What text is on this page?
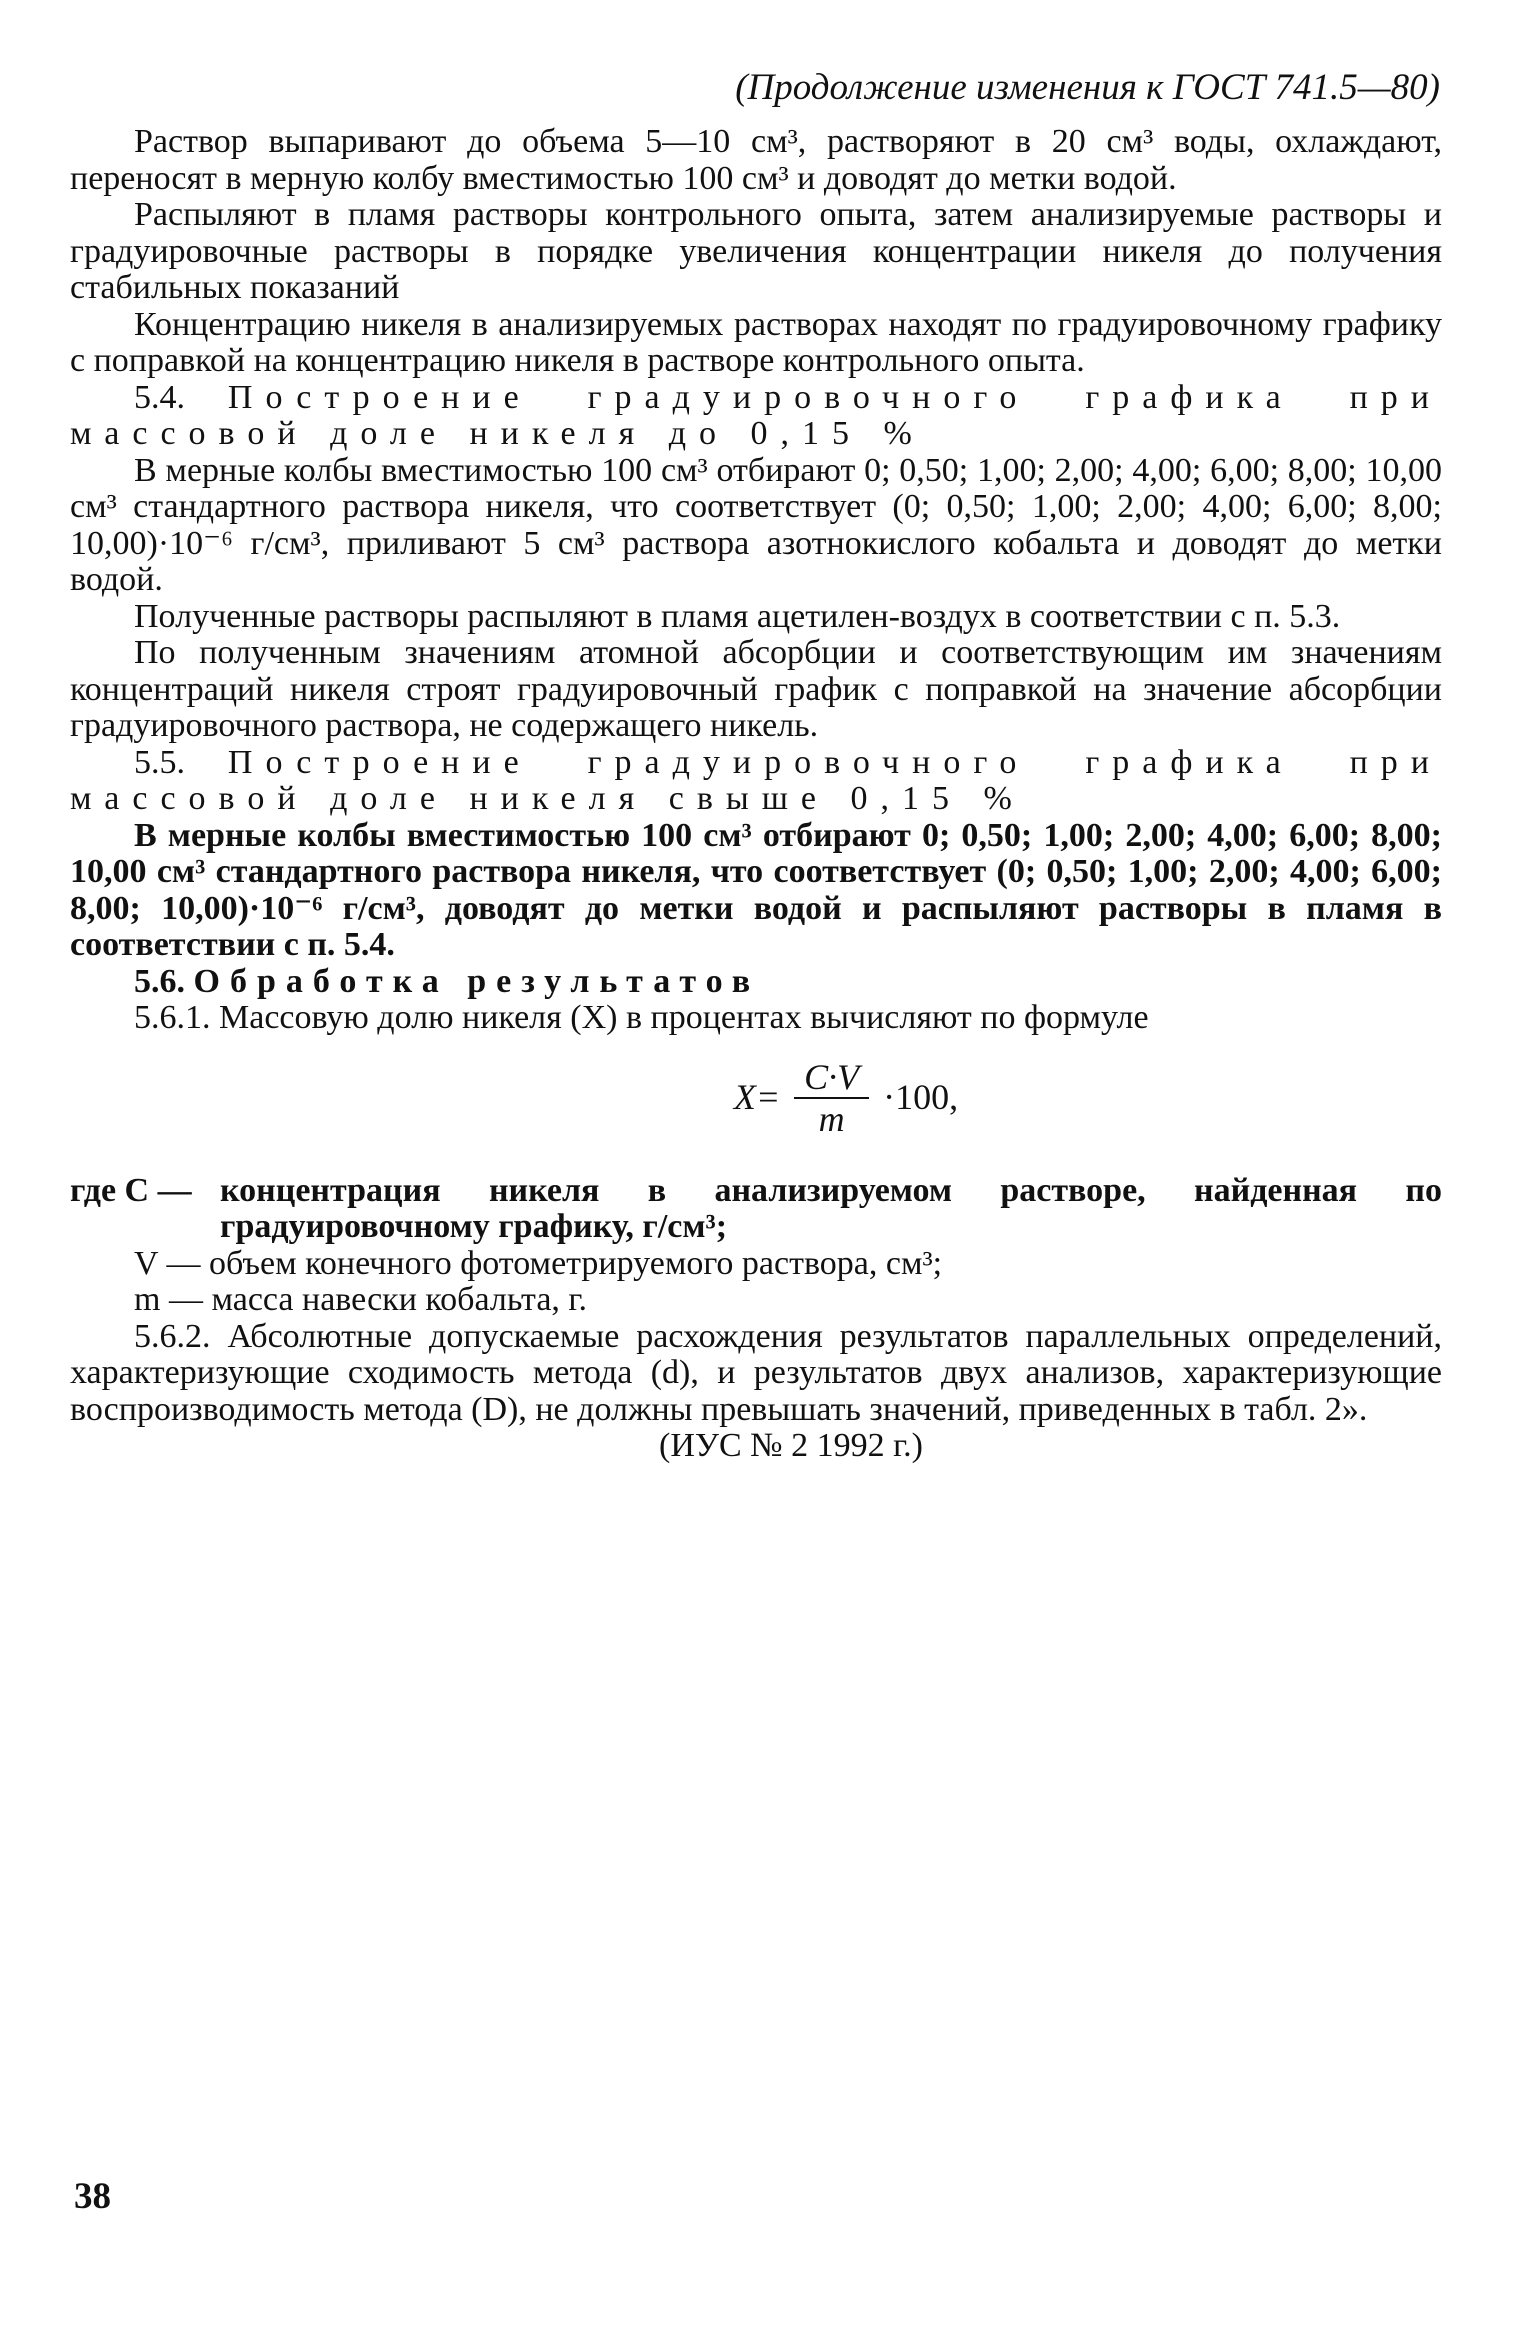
(Продолжение изменения к ГОСТ 741.5—80)

Раствор выпаривают до объема 5—10 см³, растворяют в 20 см³ воды, охлаждают, переносят в мерную колбу вместимостью 100 см³ и доводят до метки водой.

Распыляют в пламя растворы контрольного опыта, затем анализируемые растворы и градуировочные растворы в порядке увеличения концентрации никеля до получения стабильных показаний

Концентрацию никеля в анализируемых растворах находят по градуировочному графику с поправкой на концентрацию никеля в растворе контрольного опыта.

5.4. Построение градуировочного графика при массовой доле никеля до 0,15 %

В мерные колбы вместимостью 100 см³ отбирают 0; 0,50; 1,00; 2,00; 4,00; 6,00; 8,00; 10,00 см³ стандартного раствора никеля, что соответствует (0; 0,50; 1,00; 2,00; 4,00; 6,00; 8,00; 10,00)·10⁻⁶ г/см³, приливают 5 см³ раствора азотнокислого кобальта и доводят до метки водой.

Полученные растворы распыляют в пламя ацетилен-воздух в соответствии с п. 5.3.

По полученным значениям атомной абсорбции и соответствующим им значениям концентраций никеля строят градуировочный график с поправкой на значение абсорбции градуировочного раствора, не содержащего никель.

5.5. Построение градуировочного графика при массовой доле никеля свыше 0,15 %

В мерные колбы вместимостью 100 см³ отбирают 0; 0,50; 1,00; 2,00; 4,00; 6,00; 8,00; 10,00 см³ стандартного раствора никеля, что соответствует (0; 0,50; 1,00; 2,00; 4,00; 6,00; 8,00; 10,00)·10⁻⁶ г/см³, доводят до метки водой и распыляют растворы в пламя в соответствии с п. 5.4.

5.6. Обработка результатов

5.6.1. Массовую долю никеля (X) в процентах вычисляют по формуле

$X= \frac{C\cdot V}{m} \cdot 100$,
где C — концентрация никеля в анализируемом растворе, найденная по градуировочному графику, г/см³;

V — объем конечного фотометрируемого раствора, см³;

m — масса навески кобальта, г.

5.6.2. Абсолютные допускаемые расхождения результатов параллельных определений, характеризующие сходимость метода (d), и результатов двух анализов, характеризующие воспроизводимость метода (D), не должны превышать значений, приведенных в табл. 2».

(ИУС № 2 1992 г.)

38
